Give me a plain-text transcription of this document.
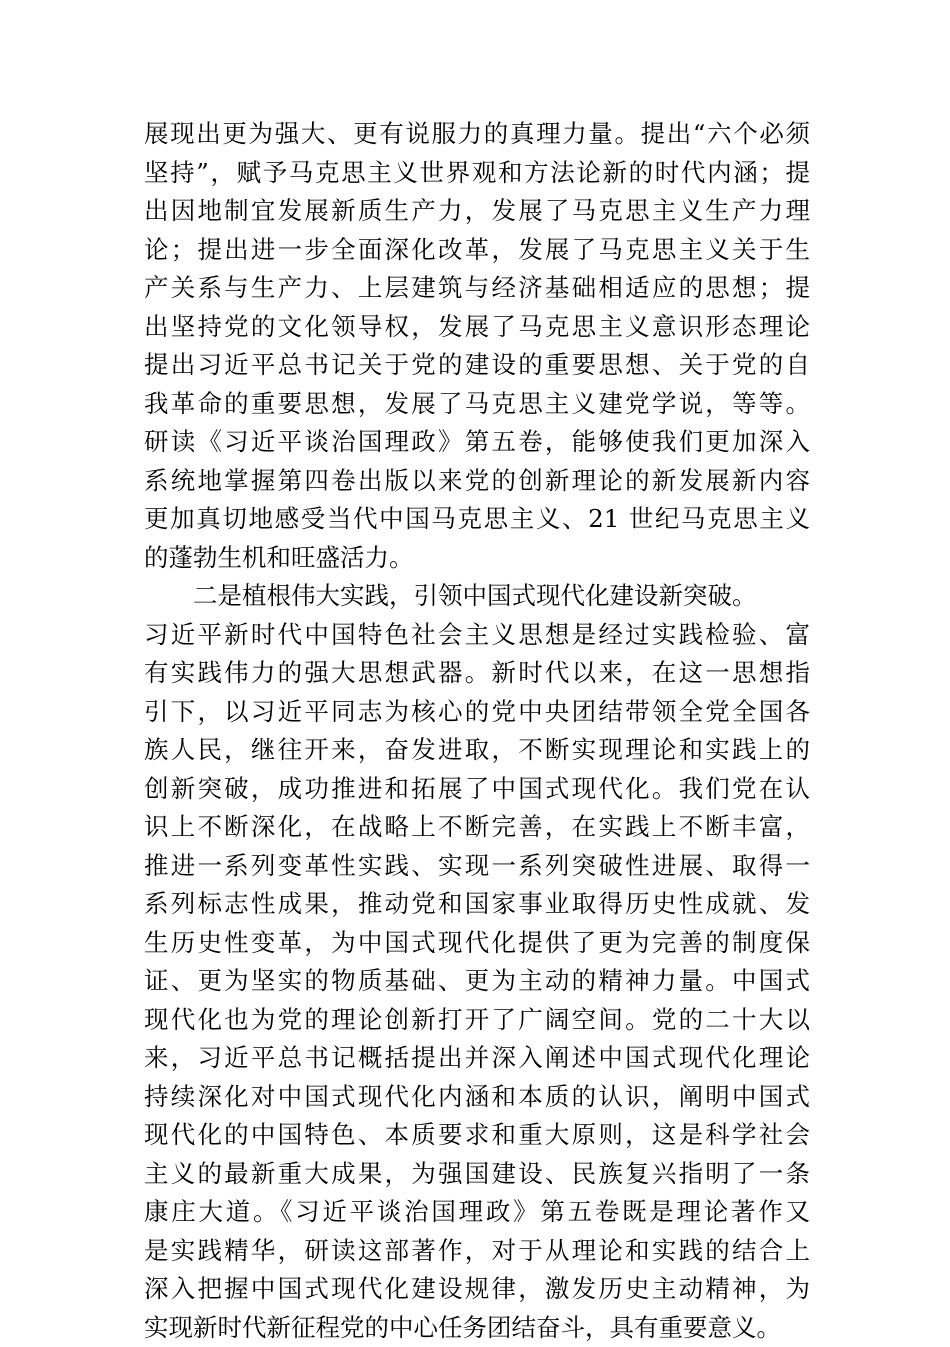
展现出更为强大、更有说服力的真理力量。提出“六个必须
坚持”，赋予马克思主义世界观和方法论新的时代内涵；提
出因地制宜发展新质生产力，发展了马克思主义生产力理
论；提出进一步全面深化改革，发展了马克思主义关于生
产关系与生产力、上层建筑与经济基础相适应的思想；提
出坚持党的文化领导权，发展了马克思主义意识形态理论
提出习近平总书记关于党的建设的重要思想、关于党的自
我革命的重要思想，发展了马克思主义建党学说，等等。
研读《习近平谈治国理政》第五卷，能够使我们更加深入
系统地掌握第四卷出版以来党的创新理论的新发展新内容
更加真切地感受当代中国马克思主义、21 世纪马克思主义
的蓬勃生机和旺盛活力。
二是植根伟大实践，引领中国式现代化建设新突破。
习近平新时代中国特色社会主义思想是经过实践检验、富
有实践伟力的强大思想武器。新时代以来，在这一思想指
引下，以习近平同志为核心的党中央团结带领全党全国各
族人民，继往开来，奋发进取，不断实现理论和实践上的
创新突破，成功推进和拓展了中国式现代化。我们党在认
识上不断深化，在战略上不断完善，在实践上不断丰富，
推进一系列变革性实践、实现一系列突破性进展、取得一
系列标志性成果，推动党和国家事业取得历史性成就、发
生历史性变革，为中国式现代化提供了更为完善的制度保
证、更为坚实的物质基础、更为主动的精神力量。中国式
现代化也为党的理论创新打开了广阔空间。党的二十大以
来，习近平总书记概括提出并深入阐述中国式现代化理论
持续深化对中国式现代化内涵和本质的认识，阐明中国式
现代化的中国特色、本质要求和重大原则，这是科学社会
主义的最新重大成果，为强国建设、民族复兴指明了一条
康庄大道。《习近平谈治国理政》第五卷既是理论著作又
是实践精华，研读这部著作，对于从理论和实践的结合上
深入把握中国式现代化建设规律，激发历史主动精神，为
实现新时代新征程党的中心任务团结奋斗，具有重要意义。
